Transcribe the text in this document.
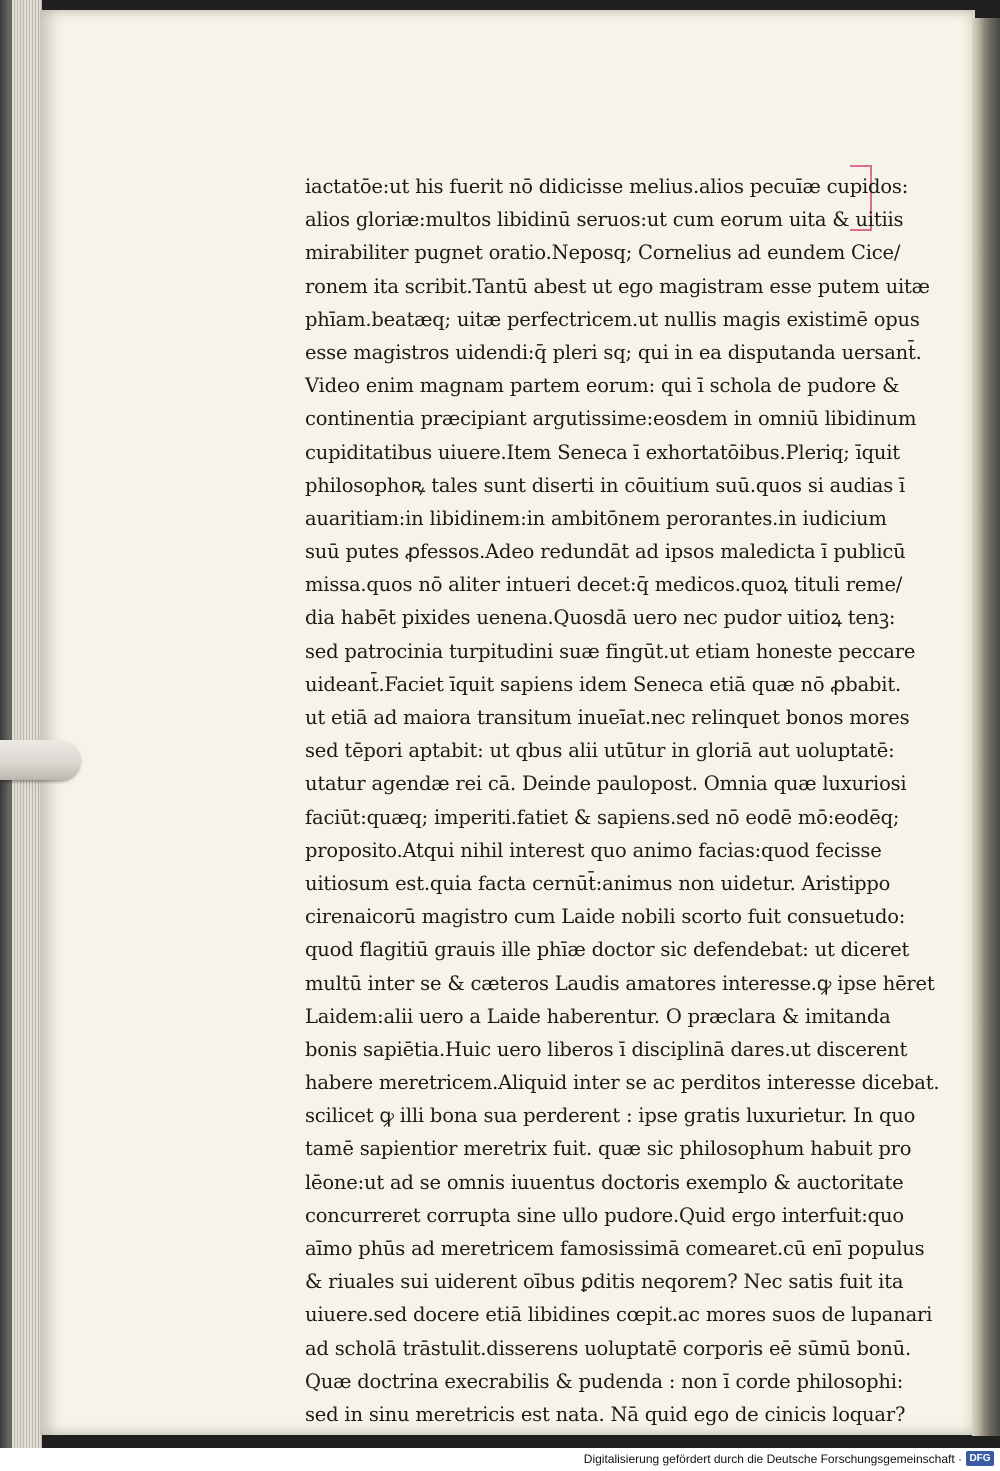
iactatōe:ut his fuerit nō didicisse melius.alios pecuīæ cupidos:
alios gloriæ:multos libidinū seruos:ut cum eorum uita & uitiis
mirabiliter pugnet oratio.Neposq; Cornelius ad eundem Cice/
ronem ita scribit.Tantū abest ut ego magistram esse putem uitæ
phīam.beatæq; uitæ perfectricem.ut nullis magis existimē opus
esse magistros uidendi:q̄ pleri sq; qui in ea disputanda uersant̄.
Video enim magnam partem eorum: qui ī schola de pudore &
continentia præcipiant argutissime:eosdem in omniū libidinum
cupiditatibus uiuere.Item Seneca ī exhortatōibus.Pleriq; īquit
philosophoꝶ tales sunt diserti in cōuitium suū.quos si audias ī
auaritiam:in libidinem:in ambitōnem perorantes.in iudicium
suū putes ꝓfessos.Adeo redundāt ad ipsos maledicta ī publicū
missa.quos nō aliter intueri decet:q̄ medicos.quoꝝ tituli reme/
dia habēt pixides uenena.Quosdā uero nec pudor uitioꝝ tenꝫ:
sed patrocinia turpitudini suæ fingūt.ut etiam honeste peccare
uideant̄.Faciet īquit sapiens idem Seneca etiā quæ nō ꝓbabit.
ut etiā ad maiora transitum inueīat.nec relinquet bonos mores
sed tēpori aptabit: ut qbus alii utūtur in gloriā aut uoluptatē:
utatur agendæ rei cā. Deinde paulopost. Omnia quæ luxuriosi
faciūt:quæq; imperiti.fatiet & sapiens.sed nō eodē mō:eodēq;
proposito.Atqui nihil interest quo animo facias:quod fecisse
uitiosum est.quia facta cernūt̄:animus non uidetur. Aristippo
cirenaicorū magistro cum Laide nobili scorto fuit consuetudo:
quod flagitiū grauis ille phīæ doctor sic defendebat: ut diceret
multū inter se & cæteros Laudis amatores interesse.ꝙ ipse hēret
Laidem:alii uero a Laide haberentur. O præclara & imitanda
bonis sapiētia.Huic uero liberos ī disciplinā dares.ut discerent
habere meretricem.Aliquid inter se ac perditos interesse dicebat.
scilicet ꝙ illi bona sua perderent : ipse gratis luxurietur. In quo
tamē sapientior meretrix fuit. quæ sic philosophum habuit pro
lēone:ut ad se omnis iuuentus doctoris exemplo & auctoritate
concurreret corrupta sine ullo pudore.Quid ergo interfuit:quo
aīmo phūs ad meretricem famosissimā comearet.cū enī populus
& riuales sui uiderent oībus ꝑditis neqorem? Nec satis fuit ita
uiuere.sed docere etiā libidines cœpit.ac mores suos de lupanari
ad scholā trāstulit.disserens uoluptatē corporis eē sūmū bonū.
Quæ doctrina execrabilis & pudenda : non ī corde philosophi:
sed in sinu meretricis est nata. Nā quid ego de cinicis loquar?
Digitalisierung gefördert durch die Deutsche Forschungsgemeinschaft · DFG
